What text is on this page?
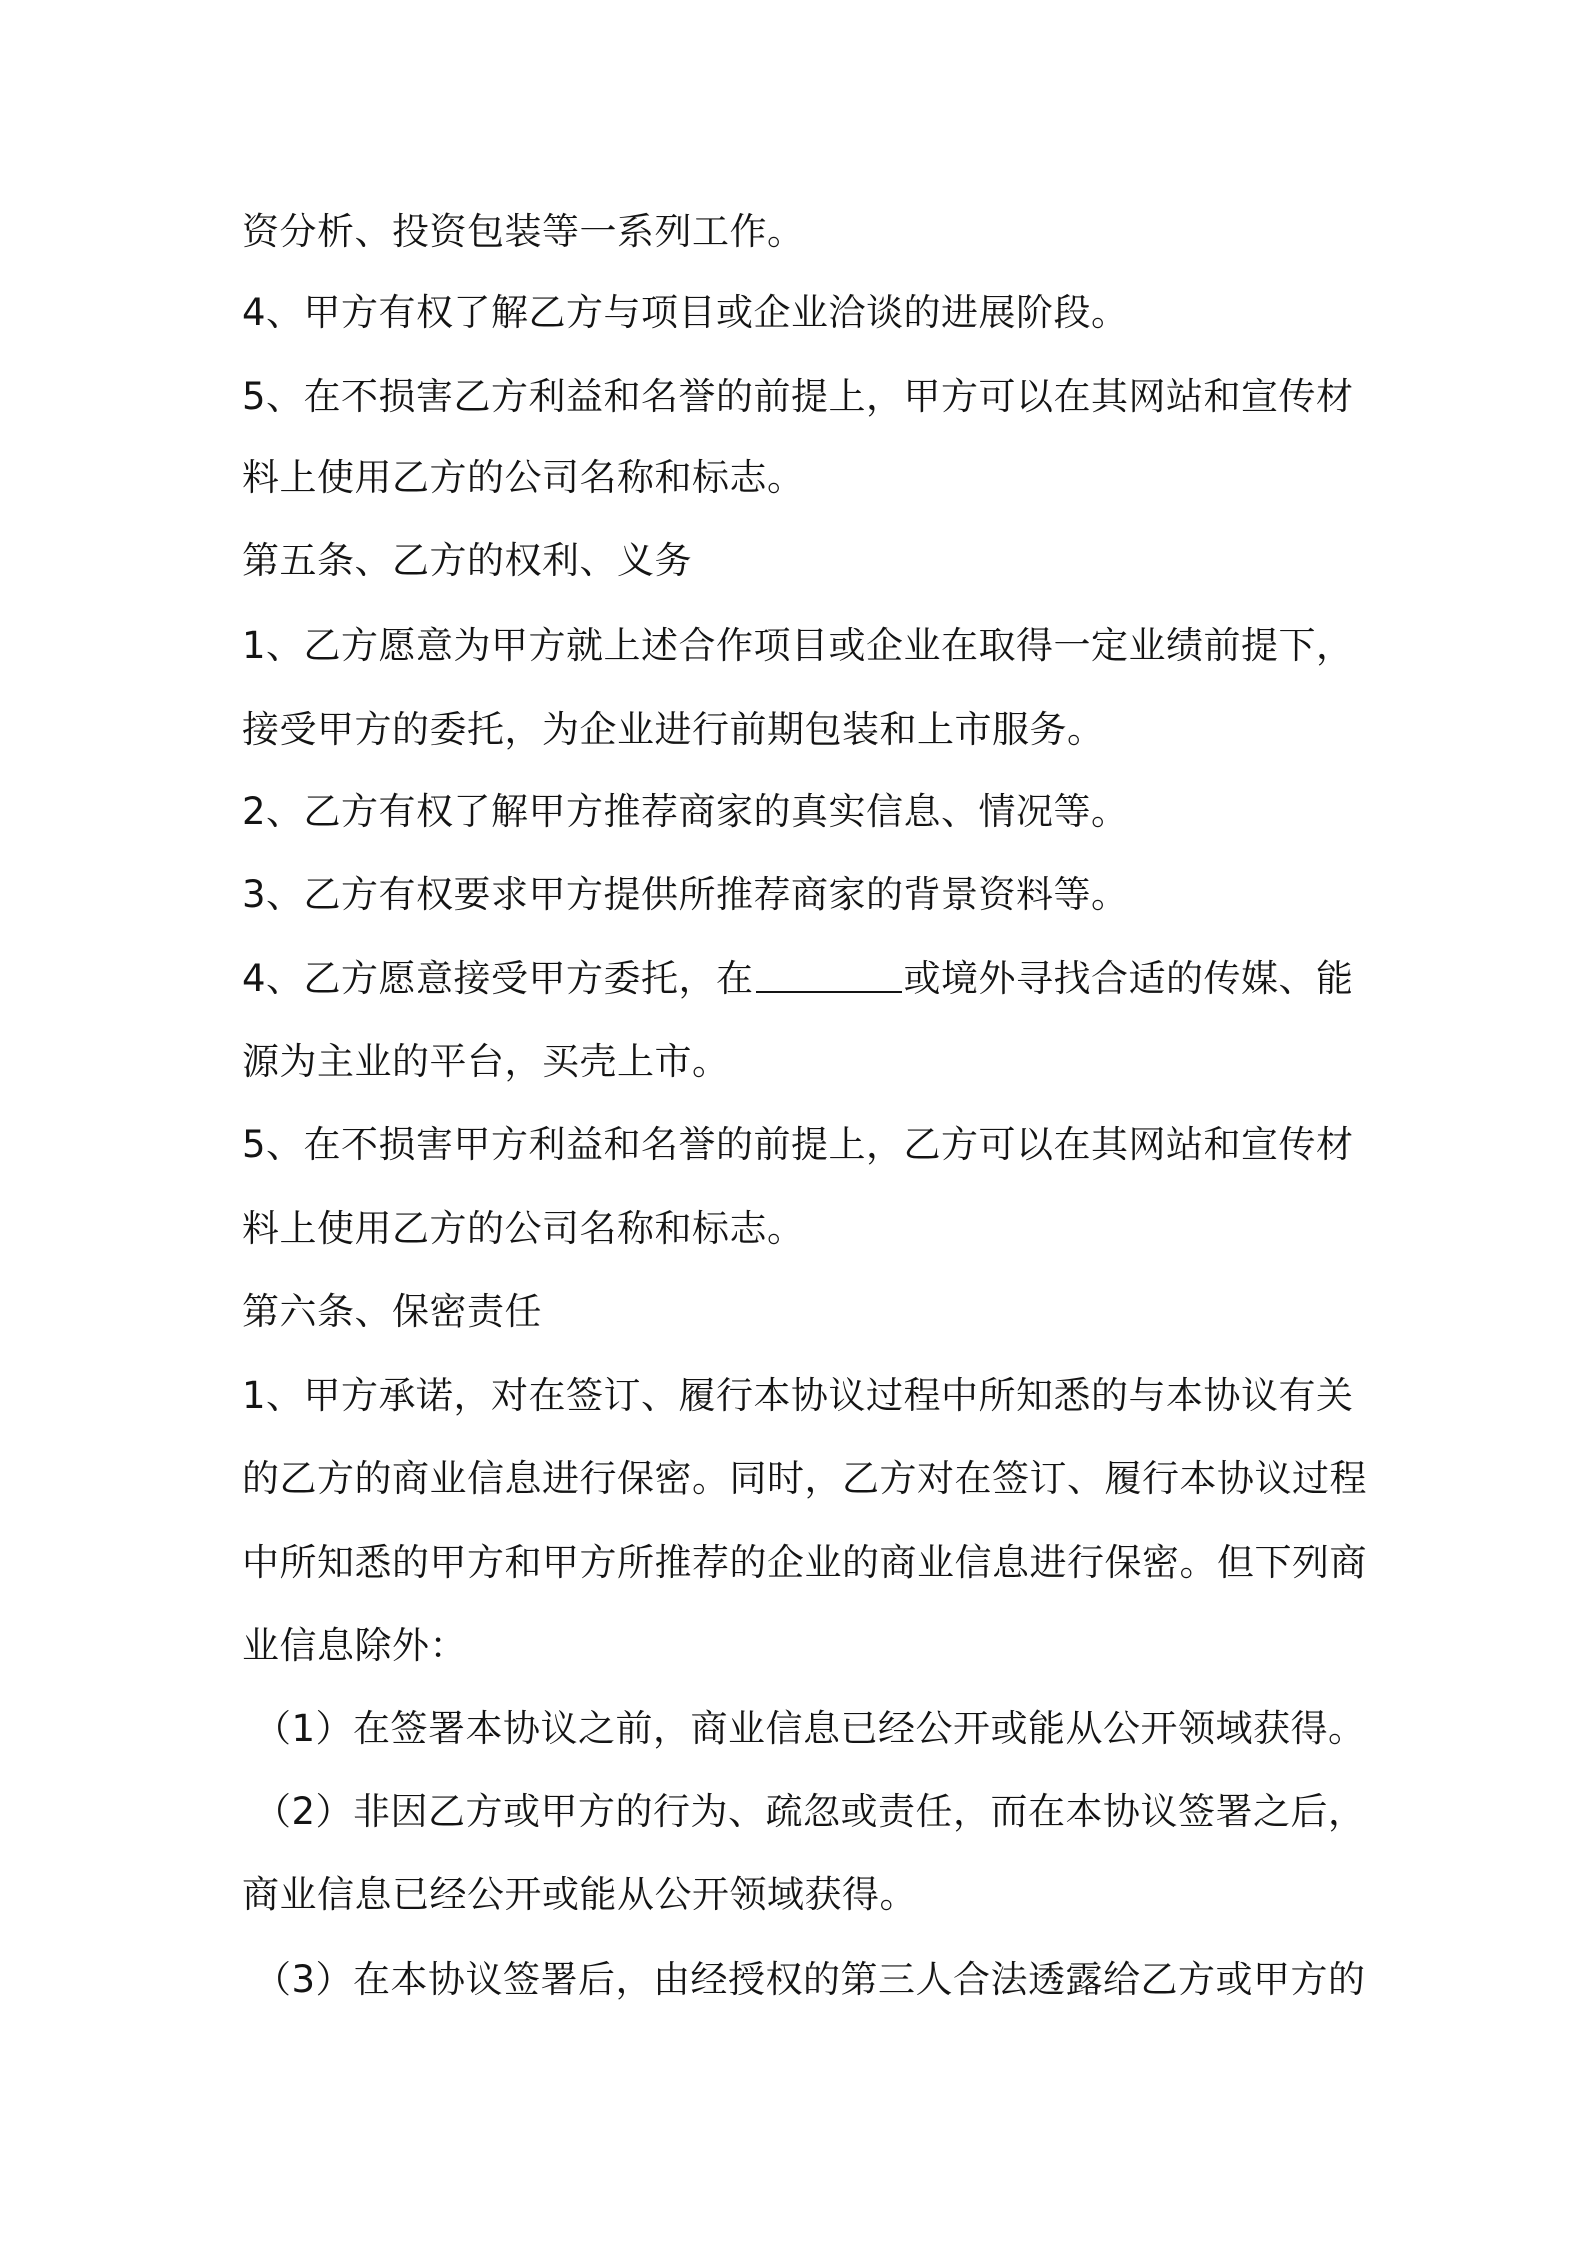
资分析、投资包装等一系列工作。
4、甲方有权了解乙方与项目或企业洽谈的进展阶段。
5、在不损害乙方利益和名誉的前提上，甲方可以在其网站和宣传材
料上使用乙方的公司名称和标志。
第五条、乙方的权利、义务
1、乙方愿意为甲方就上述合作项目或企业在取得一定业绩前提下，
接受甲方的委托，为企业进行前期包装和上市服务。
2、乙方有权了解甲方推荐商家的真实信息、情况等。
3、乙方有权要求甲方提供所推荐商家的背景资料等。
4、乙方愿意接受甲方委托，在	或境外寻找合适的传媒、能
源为主业的平台，买壳上市。
5、在不损害甲方利益和名誉的前提上，乙方可以在其网站和宣传材
料上使用乙方的公司名称和标志。
第六条、保密责任
1、甲方承诺，对在签订、履行本协议过程中所知悉的与本协议有关
的乙方的商业信息进行保密。同时，乙方对在签订、履行本协议过程
中所知悉的甲方和甲方所推荐的企业的商业信息进行保密。但下列商
业信息除外：
（1）在签署本协议之前，商业信息已经公开或能从公开领域获得。
（2）非因乙方或甲方的行为、疏忽或责任，而在本协议签署之后，
商业信息已经公开或能从公开领域获得。
（3）在本协议签署后，由经授权的第三人合法透露给乙方或甲方的
